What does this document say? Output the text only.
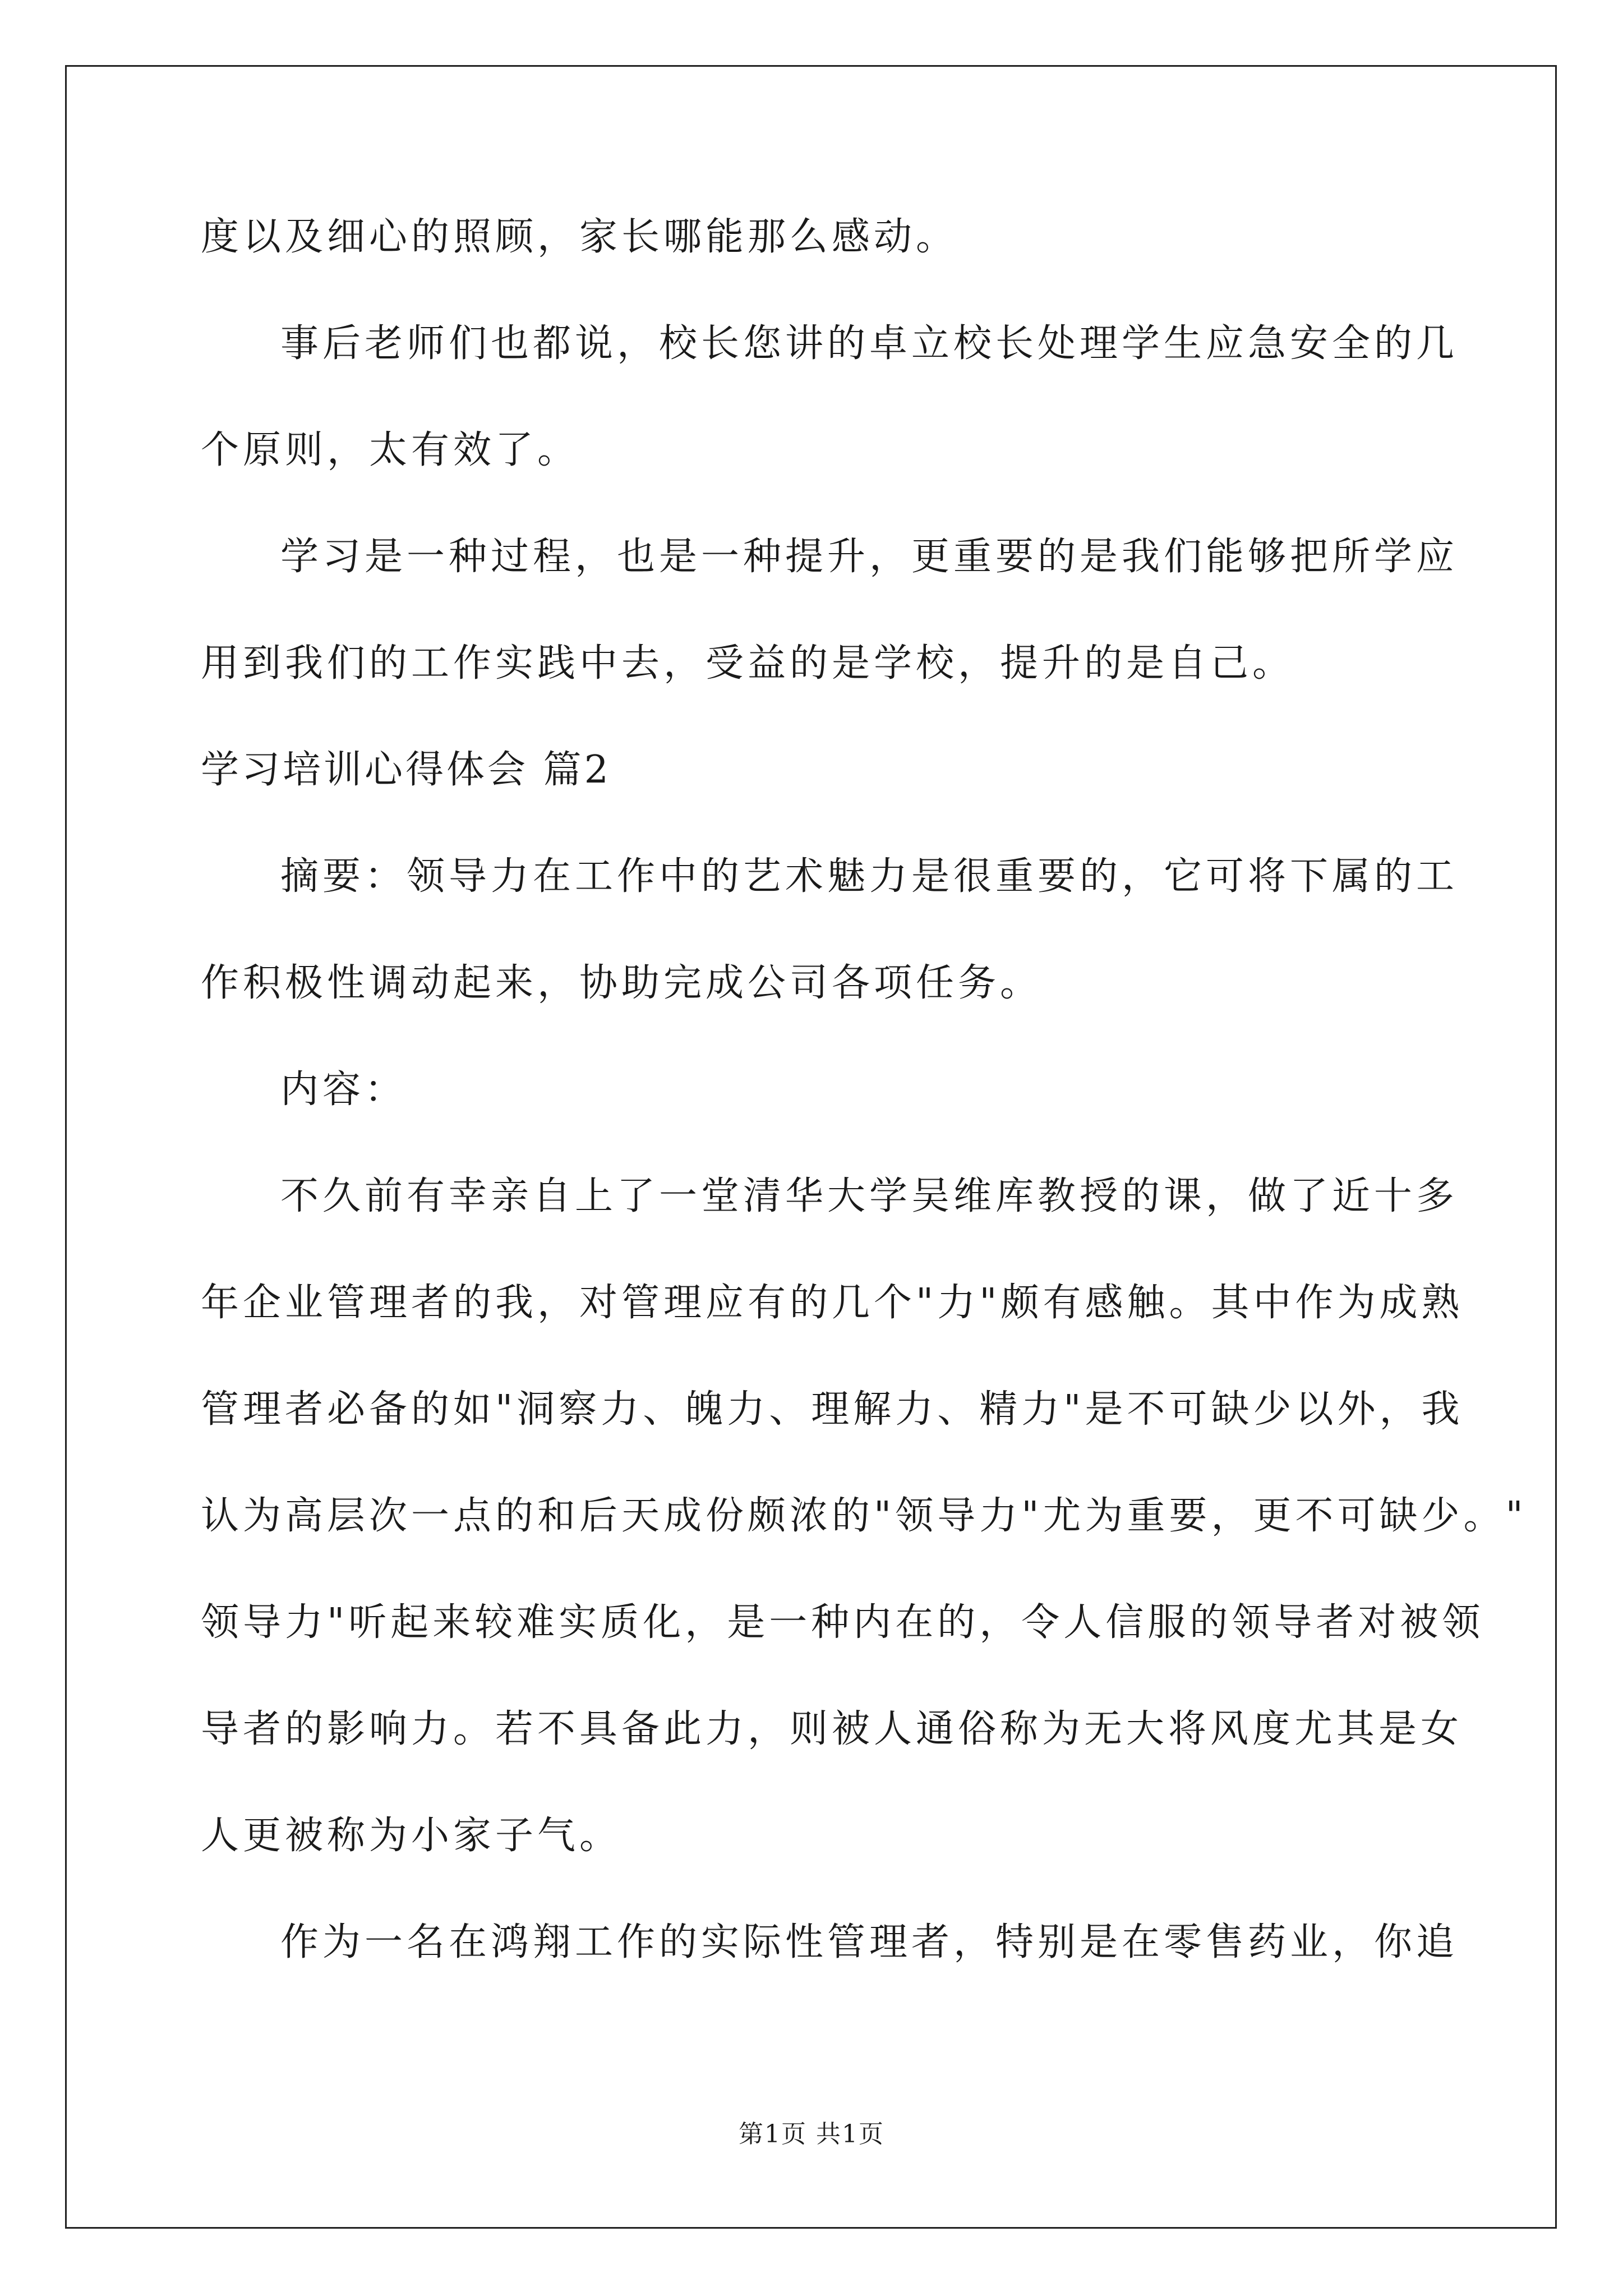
度以及细心的照顾，家长哪能那么感动。
事后老师们也都说，校长您讲的卓立校长处理学生应急安全的几
个原则，太有效了。
学习是一种过程，也是一种提升，更重要的是我们能够把所学应
用到我们的工作实践中去，受益的是学校，提升的是自己。
学习培训心得体会 篇2
摘要：领导力在工作中的艺术魅力是很重要的，它可将下属的工
作积极性调动起来，协助完成公司各项任务。
内容：
不久前有幸亲自上了一堂清华大学吴维库教授的课，做了近十多
年企业管理者的我，对管理应有的几个"力"颇有感触。其中作为成熟
管理者必备的如"洞察力、魄力、理解力、精力"是不可缺少以外，我
认为高层次一点的和后天成份颇浓的"领导力"尤为重要，更不可缺少。"
领导力"听起来较难实质化，是一种内在的，令人信服的领导者对被领
导者的影响力。若不具备此力，则被人通俗称为无大将风度尤其是女
人更被称为小家子气。
作为一名在鸿翔工作的实际性管理者，特别是在零售药业，你追
第1页 共1页
